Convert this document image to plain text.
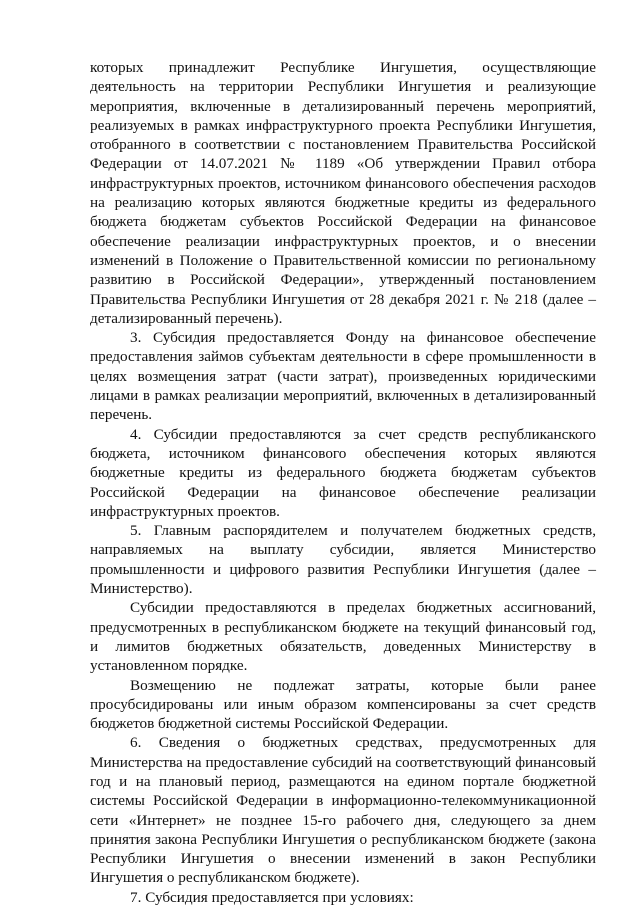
которых принадлежит Республике Ингушетия, осуществляющие деятельность на территории Республики Ингушетия и реализующие мероприятия, включенные в детализированный перечень мероприятий, реализуемых в рамках инфраструктурного проекта Республики Ингушетия, отобранного в соответствии с постановлением Правительства Российской Федерации от 14.07.2021 № 1189 «Об утверждении Правил отбора инфраструктурных проектов, источником финансового обеспечения расходов на реализацию которых являются бюджетные кредиты из федерального бюджета бюджетам субъектов Российской Федерации на финансовое обеспечение реализации инфраструктурных проектов, и о внесении изменений в Положение о Правительственной комиссии по региональному развитию в Российской Федерации», утвержденный постановлением Правительства Республики Ингушетия от 28 декабря 2021 г. № 218 (далее – детализированный перечень).

3. Субсидия предоставляется Фонду на финансовое обеспечение предоставления займов субъектам деятельности в сфере промышленности в целях возмещения затрат (части затрат), произведенных юридическими лицами в рамках реализации мероприятий, включенных в детализированный перечень.

4. Субсидии предоставляются за счет средств республиканского бюджета, источником финансового обеспечения которых являются бюджетные кредиты из федерального бюджета бюджетам субъектов Российской Федерации на финансовое обеспечение реализации инфраструктурных проектов.

5. Главным распорядителем и получателем бюджетных средств, направляемых на выплату субсидии, является Министерство промышленности и цифрового развития Республики Ингушетия (далее – Министерство).

Субсидии предоставляются в пределах бюджетных ассигнований, предусмотренных в республиканском бюджете на текущий финансовый год, и лимитов бюджетных обязательств, доведенных Министерству в установленном порядке.

Возмещению не подлежат затраты, которые были ранее просубсидированы или иным образом компенсированы за счет средств бюджетов бюджетной системы Российской Федерации.

6. Сведения о бюджетных средствах, предусмотренных для Министерства на предоставление субсидий на соответствующий финансовый год и на плановый период, размещаются на едином портале бюджетной системы Российской Федерации в информационно-телекоммуникационной сети «Интернет» не позднее 15-го рабочего дня, следующего за днем принятия закона Республики Ингушетия о республиканском бюджете (закона Республики Ингушетия о внесении изменений в закон Республики Ингушетия о республиканском бюджете).

7. Субсидия предоставляется при условиях:
